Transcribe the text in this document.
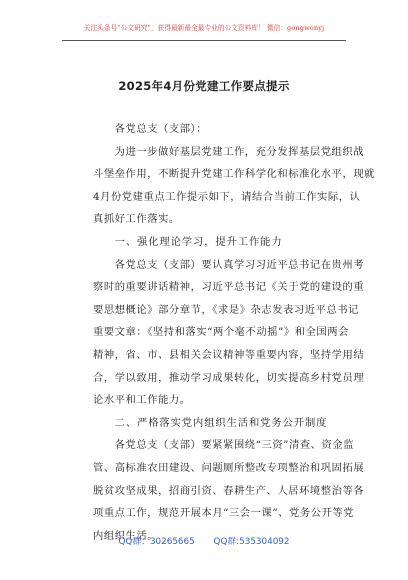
关注头条号“公文研究”，获得最新最全最专业的公文资料库！ 微信：gongwenyj
2025年4月份党建工作要点提示
各党总支（支部）：
为进一步做好基层党建工作，充分发挥基层党组织战
斗堡垒作用，不断提升党建工作科学化和标准化水平，现就
4月份党建重点工作提示如下，请结合当前工作实际，认
真抓好工作落实。
一、强化理论学习，提升工作能力
各党总支（支部）要认真学习习近平总书记在贵州考
察时的重要讲话精神，习近平总书记《关于党的建设的重
要思想概论》部分章节，《求是》杂志发表习近平总书记
重要文章：《坚持和落实“两个毫不动摇”》和全国两会
精神，省、市、县相关会议精神等重要内容，坚持学用结
合，学以致用，推动学习成果转化，切实提高乡村党员理
论水平和工作能力。
二、严格落实党内组织生活和党务公开制度
各党总支（支部）要紧紧围绕“三资”清查、资金监
管、高标准农田建设、问题厕所整改专项整治和巩固拓展
脱贫攻坚成果，招商引资、春耕生产、人居环境整治等各
项重点工作，规范开展本月“三会一课”、党务公开等党
内组织生活。
QQ群：30265665 QQ群:535304092
